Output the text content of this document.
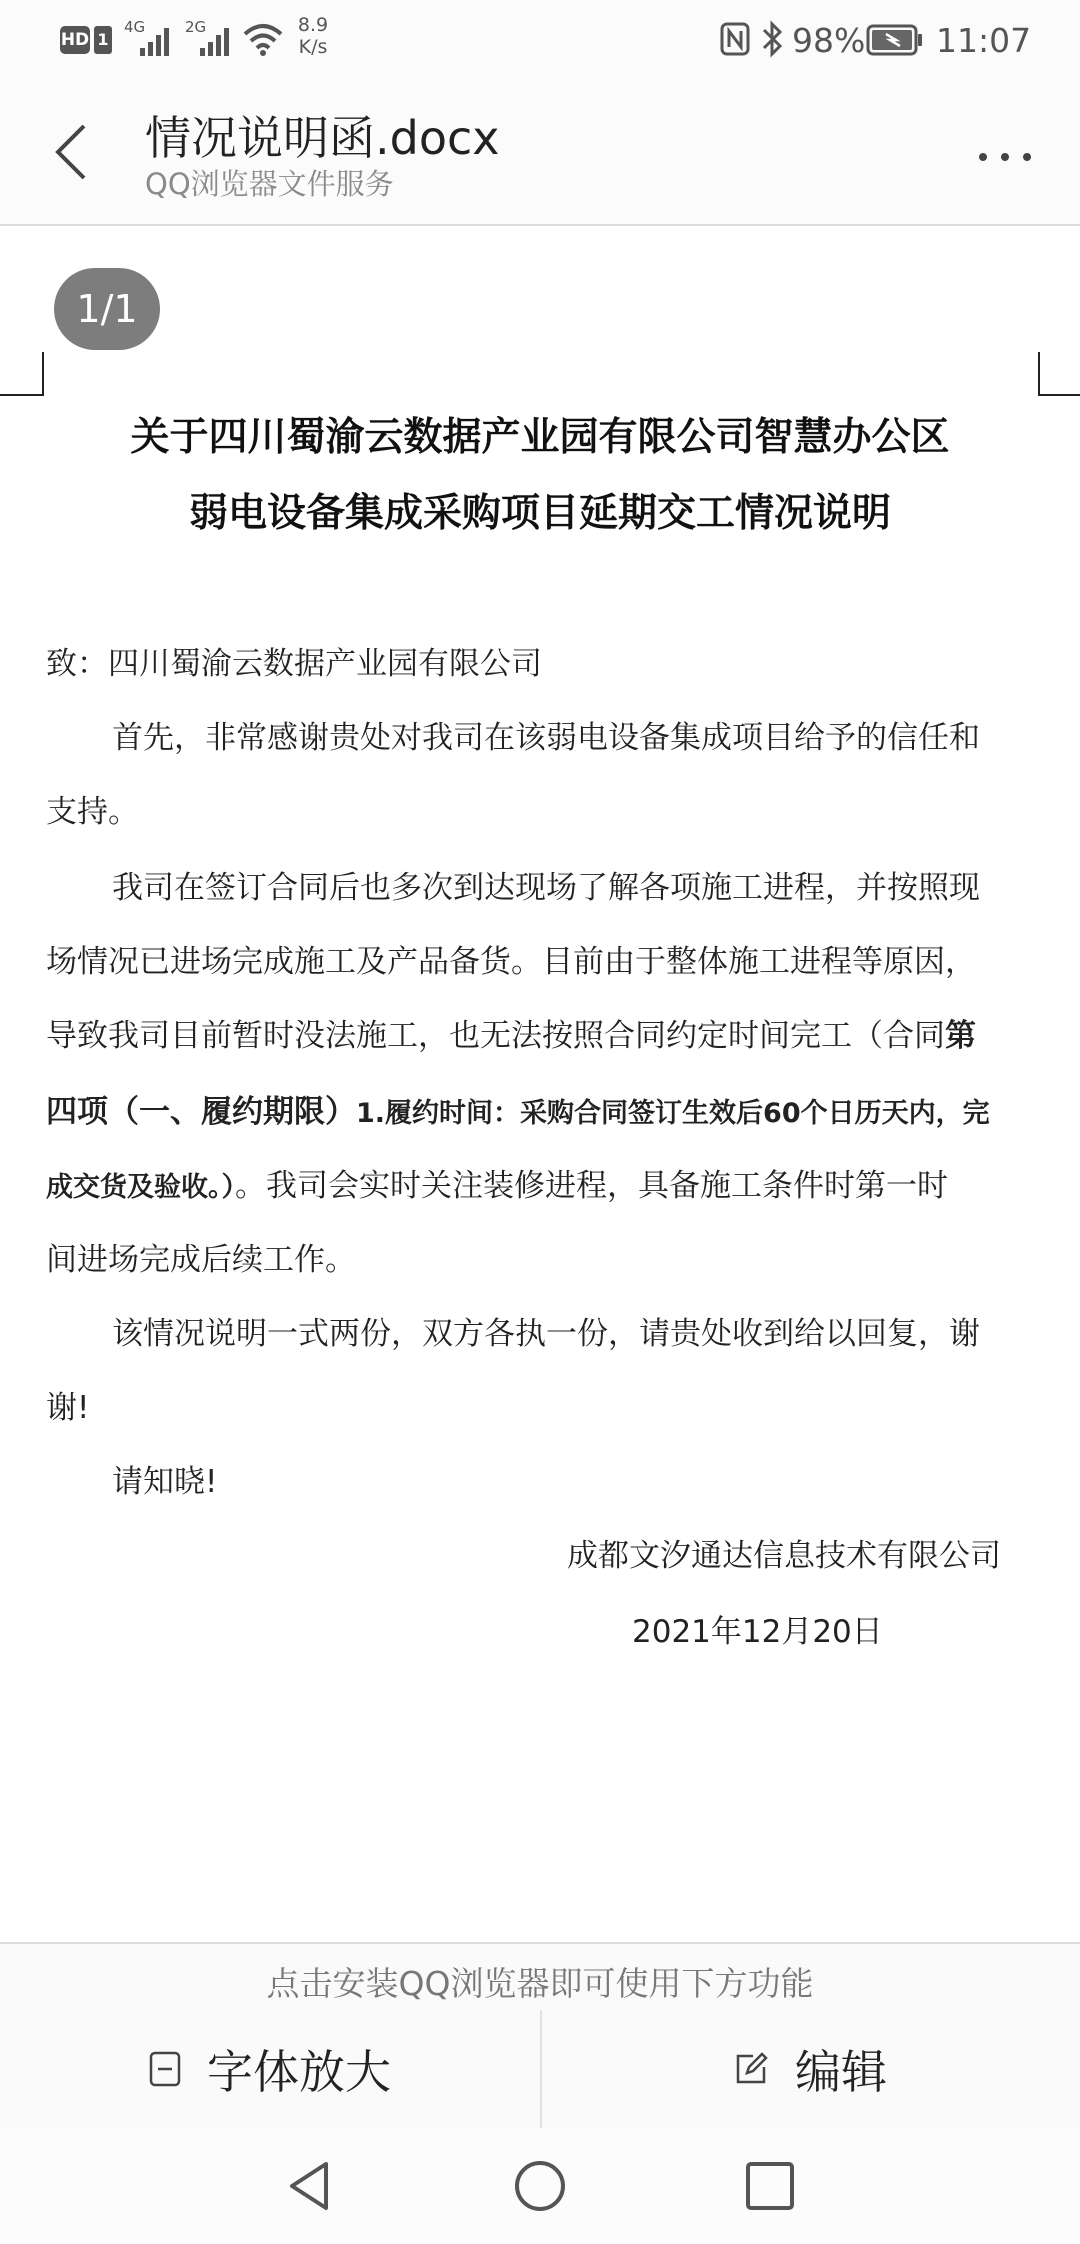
HD 1
4G	2G	8.9
K/s	98% 11:07
情况说明函.docx
QQ浏览器文件服务
1/1
关于四川蜀渝云数据产业园有限公司智慧办公区
弱电设备集成采购项目延期交工情况说明
致：四川蜀渝云数据产业园有限公司
首先，非常感谢贵处对我司在该弱电设备集成项目给予的信任和
支持。
我司在签订合同后也多次到达现场了解各项施工进程，并按照现
场情况已进场完成施工及产品备货。目前由于整体施工进程等原因，
导致我司目前暂时没法施工，也无法按照合同约定时间完工（合同第
四项（一、履约期限）1.履约时间：采购合同签订生效后60个日历天内，完
成交货及验收。）。我司会实时关注装修进程，具备施工条件时第一时
间进场完成后续工作。
该情况说明一式两份，双方各执一份，请贵处收到给以回复，谢
谢!
请知晓!
成都文汐通达信息技术有限公司
2021年12月20日
点击安装QQ浏览器即可使用下方功能
字体放大	编辑
